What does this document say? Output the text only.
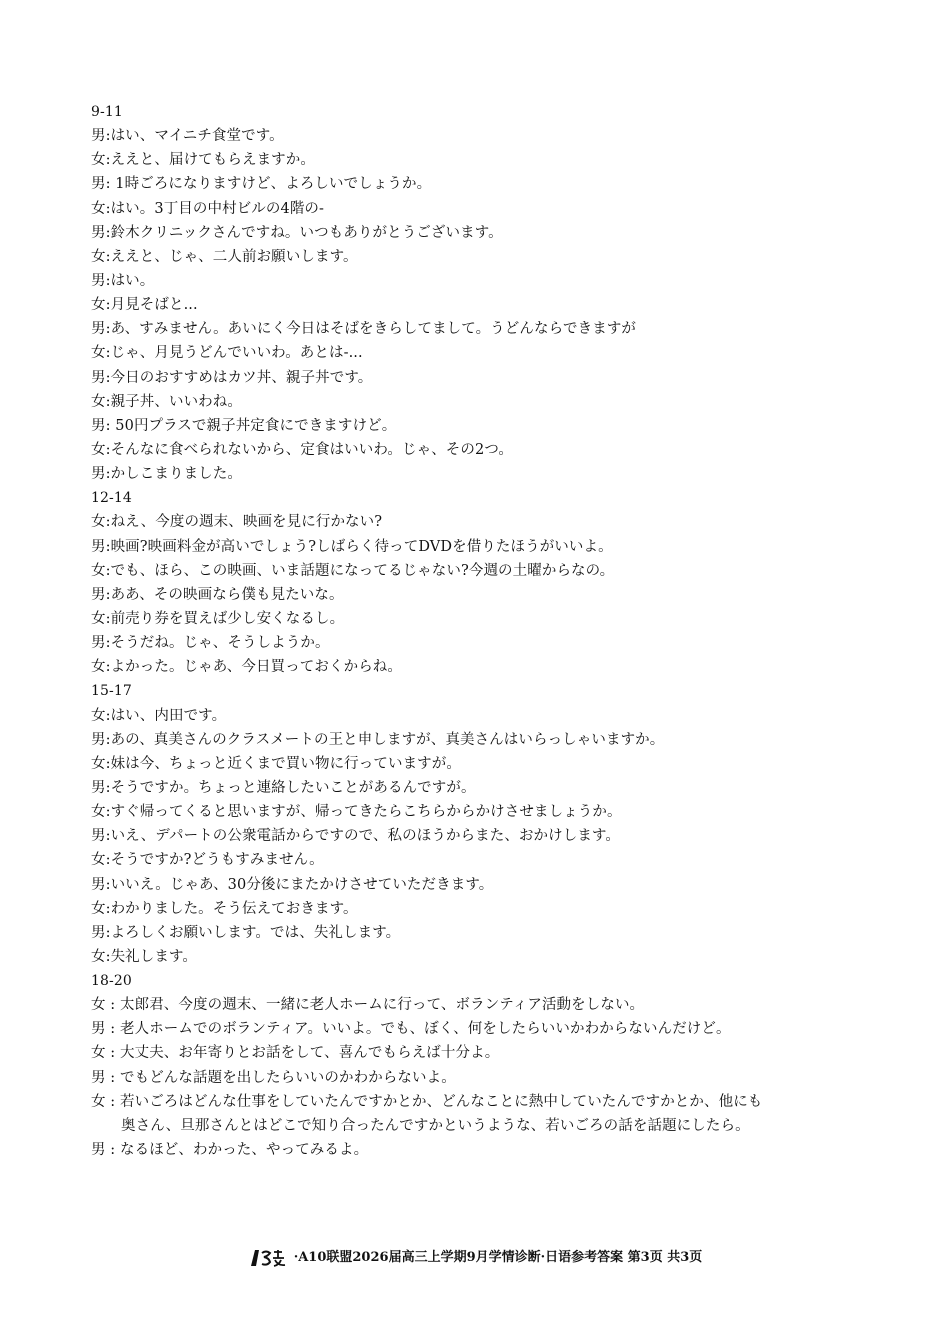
9-11
男:はい、マイニチ食堂です。
女:ええと、届けてもらえますか。
男: 1時ごろになりますけど、よろしいでしょうか。
女:はい。3丁目の中村ビルの4階の-
男:鈴木クリニックさんですね。いつもありがとうございます。
女:ええと、じゃ、二人前お願いします。
男:はい。
女:月見そばと...
男:あ、すみません。あいにく今日はそばをきらしてまして。うどんならできますが
女:じゃ、月見うどんでいいわ。あとは-...
男:今日のおすすめはカツ丼、親子丼です。
女:親子丼、いいわね。
男: 50円プラスで親子丼定食にできますけど。
女:そんなに食べられないから、定食はいいわ。じゃ、その2つ。
男:かしこまりました。
12-14
女:ねえ、今度の週末、映画を見に行かない?
男:映画?映画料金が高いでしょう?しばらく待ってDVDを借りたほうがいいよ。
女:でも、ほら、この映画、いま話題になってるじゃない?今週の土曜からなの。
男:ああ、その映画なら僕も見たいな。
女:前売り券を買えば少し安くなるし。
男:そうだね。じゃ、そうしようか。
女:よかった。じゃあ、今日買っておくからね。
15-17
女:はい、内田です。
男:あの、真美さんのクラスメートの王と申しますが、真美さんはいらっしゃいますか。
女:妹は今、ちょっと近くまで買い物に行っていますが。
男:そうですか。ちょっと連絡したいことがあるんですが。
女:すぐ帰ってくると思いますが、帰ってきたらこちらからかけさせましょうか。
男:いえ、デパートの公衆電話からですので、私のほうからまた、おかけします。
女:そうですか?どうもすみません。
男:いいえ。じゃあ、30分後にまたかけさせていただきます。
女:わかりました。そう伝えておきます。
男:よろしくお願いします。では、失礼します。
女:失礼します。
18-20
女 : 太郎君、今度の週末、一緒に老人ホームに行って、ボランティア活動をしない。
男 : 老人ホームでのボランティア。いいよ。でも、ぼく、何をしたらいいかわからないんだけど。
女 : 大丈夫、お年寄りとお話をして、喜んでもらえば十分よ。
男 : でもどんな話題を出したらいいのかわからないよ。
女 : 若いごろはどんな仕事をしていたんですかとか、どんなことに熱中していたんですかとか、他にも
奥さん、旦那さんとはどこで知り合ったんですかというような、若いごろの話を話題にしたら。
男 : なるほど、わかった、やってみるよ。
·A10联盟2026届高三上学期9月学情诊断·日语参考答案 第3页 共3页
